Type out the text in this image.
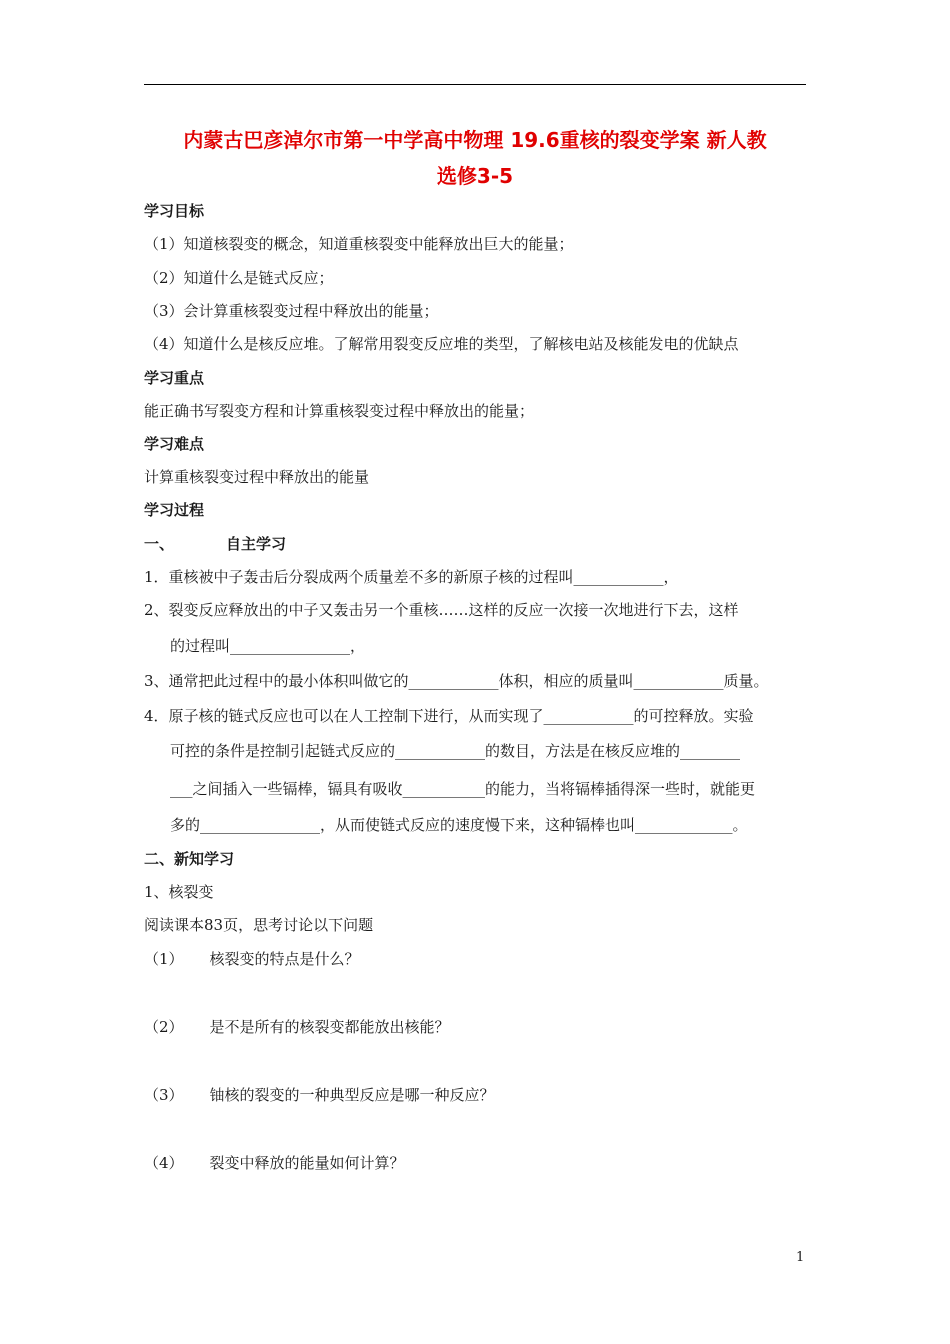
内蒙古巴彦淖尔市第一中学高中物理 19.6重核的裂变学案 新人教
选修3-5
学习目标
（1）知道核裂变的概念，知道重核裂变中能释放出巨大的能量；
（2）知道什么是链式反应；
（3）会计算重核裂变过程中释放出的能量；
（4）知道什么是核反应堆。了解常用裂变反应堆的类型，了解核电站及核能发电的优缺点
学习重点
能正确书写裂变方程和计算重核裂变过程中释放出的能量；
学习难点
计算重核裂变过程中释放出的能量
学习过程
一、	自主学习
1．重核被中子轰击后分裂成两个质量差不多的新原子核的过程叫____________，
2、裂变反应释放出的中子又轰击另一个重核……这样的反应一次接一次地进行下去，这样
的过程叫________________，
3、通常把此过程中的最小体积叫做它的____________体积，相应的质量叫____________质量。
4．原子核的链式反应也可以在人工控制下进行，从而实现了____________的可控释放。实验
可控的条件是控制引起链式反应的____________的数目，方法是在核反应堆的________
___之间插入一些镉棒，镉具有吸收___________的能力，当将镉棒插得深一些时，就能更
多的________________，从而使链式反应的速度慢下来，这种镉棒也叫_____________。
二、新知学习
1、核裂变
阅读课本83页，思考讨论以下问题
（1） 核裂变的特点是什么？
（2） 是不是所有的核裂变都能放出核能？
（3） 铀核的裂变的一种典型反应是哪一种反应？
（4） 裂变中释放的能量如何计算？
1
